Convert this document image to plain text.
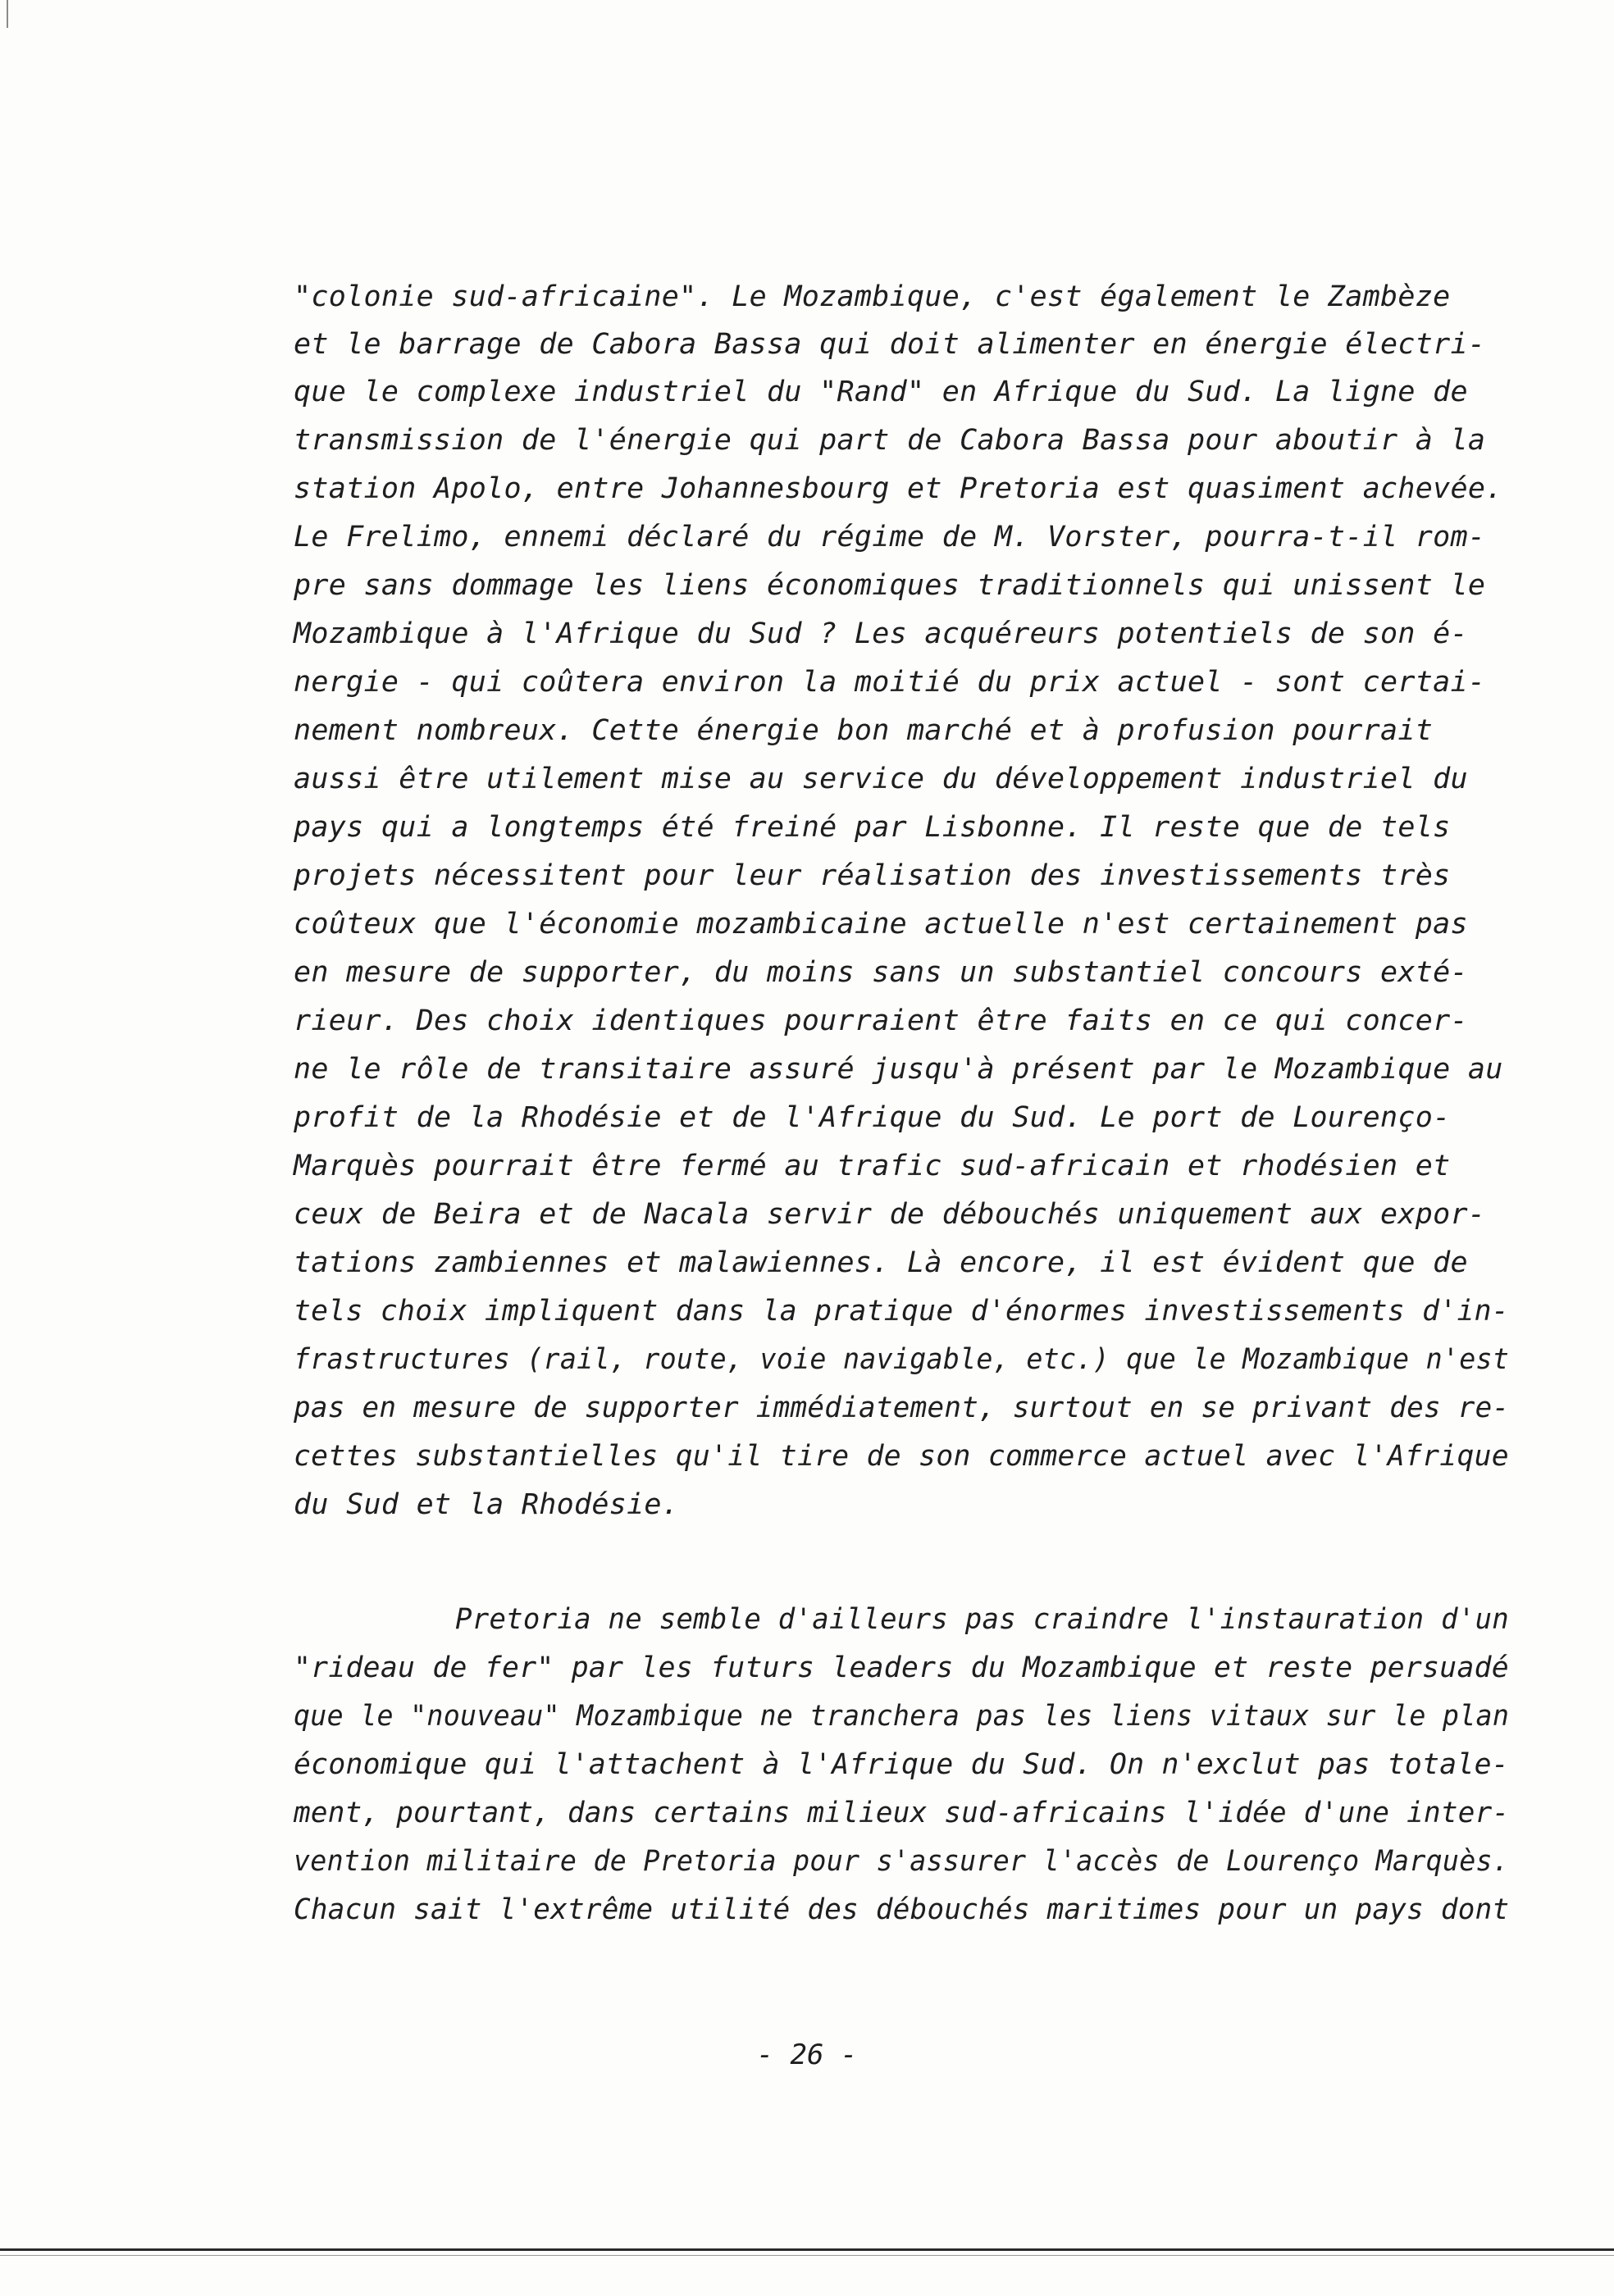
"colonie sud-africaine". Le Mozambique, c'est également le Zambèze
et le barrage de Cabora Bassa qui doit alimenter en énergie électri-
que le complexe industriel du "Rand" en Afrique du Sud. La ligne de
transmission de l'énergie qui part de Cabora Bassa pour aboutir à la
station Apolo, entre Johannesbourg et Pretoria est quasiment achevée.
Le Frelimo, ennemi déclaré du régime de M. Vorster, pourra-t-il rom-
pre sans dommage les liens économiques traditionnels qui unissent le
Mozambique à l'Afrique du Sud ? Les acquéreurs potentiels de son é-
nergie - qui coûtera environ la moitié du prix actuel - sont certai-
nement nombreux. Cette énergie bon marché et à profusion pourrait
aussi être utilement mise au service du développement industriel du
pays qui a longtemps été freiné par Lisbonne. Il reste que de tels
projets nécessitent pour leur réalisation des investissements très
coûteux que l'économie mozambicaine actuelle n'est certainement pas
en mesure de supporter, du moins sans un substantiel concours exté-
rieur. Des choix identiques pourraient être faits en ce qui concer-
ne le rôle de transitaire assuré jusqu'à présent par le Mozambique au
profit de la Rhodésie et de l'Afrique du Sud. Le port de Lourenço-
Marquès pourrait être fermé au trafic sud-africain et rhodésien et
ceux de Beira et de Nacala servir de débouchés uniquement aux expor-
tations zambiennes et malawiennes. Là encore, il est évident que de
tels choix impliquent dans la pratique d'énormes investissements d'in-
frastructures (rail, route, voie navigable, etc.) que le Mozambique n'est
pas en mesure de supporter immédiatement, surtout en se privant des re-
cettes substantielles qu'il tire de son commerce actuel avec l'Afrique
du Sud et la Rhodésie.
Pretoria ne semble d'ailleurs pas craindre l'instauration d'un
"rideau de fer" par les futurs leaders du Mozambique et reste persuadé
que le "nouveau" Mozambique ne tranchera pas les liens vitaux sur le plan
économique qui l'attachent à l'Afrique du Sud. On n'exclut pas totale-
ment, pourtant, dans certains milieux sud-africains l'idée d'une inter-
vention militaire de Pretoria pour s'assurer l'accès de Lourenço Marquès.
Chacun sait l'extrême utilité des débouchés maritimes pour un pays dont
- 26 -
